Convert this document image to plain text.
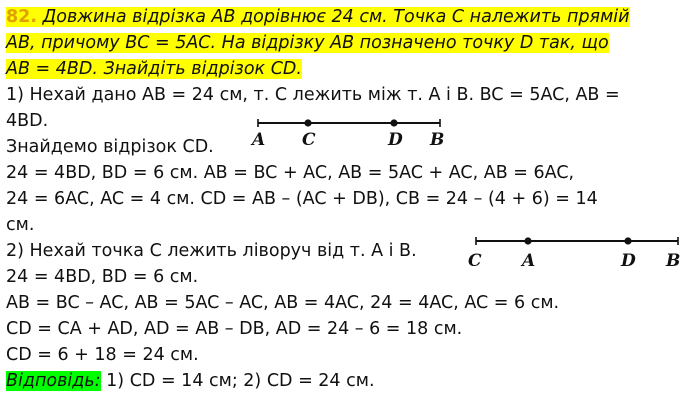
82. Довжина відрізка AB дорівнює 24 см. Точка C належить прямій
AB, причому BC = 5AC. На відрізку AB позначено точку D так, що
AB = 4BD. Знайдіть відрізок CD.
1) Нехай дано AB = 24 см, т. C лежить між т. A і B. BC = 5AC, AB =
4BD.
Знайдемо відрізок CD.
24 = 4BD, BD = 6 см. AB = BC + AC, AB = 5AC + AC, AB = 6AC,
24 = 6AC, AC = 4 см. CD = AB – (AC + DB), CB = 24 – (4 + 6) = 14
см.
2) Нехай точка C лежить ліворуч від т. A і B.
24 = 4BD, BD = 6 см.
AB = BC – AC, AB = 5AC – AC, AB = 4AC, 24 = 4AC, AC = 6 см.
CD = CA + AD, AD = AB – DB, AD = 24 – 6 = 18 см.
CD = 6 + 18 = 24 см.
Відповідь: 1) CD = 14 см; 2) CD = 24 см.
A C	D B
C A	D B
